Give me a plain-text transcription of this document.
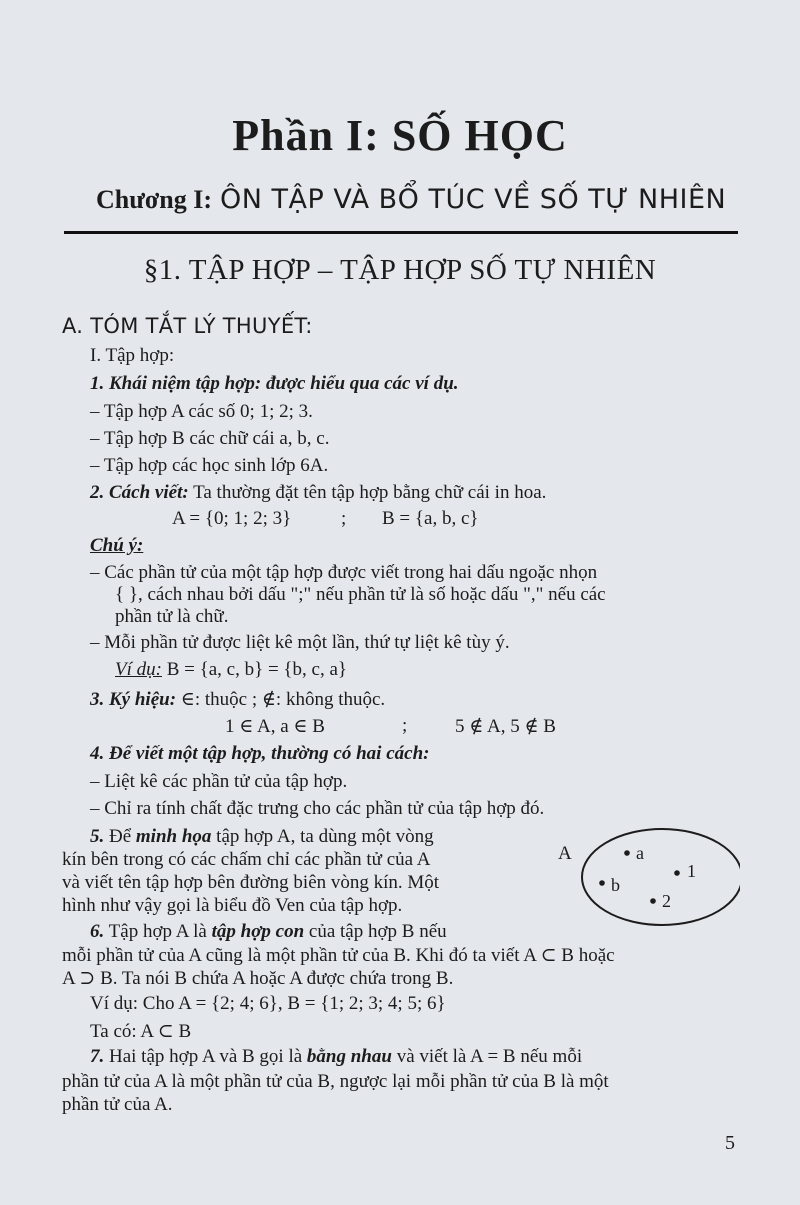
Phần I: SỐ HỌC
Chương I: ÔN TẬP VÀ BỔ TÚC VỀ SỐ TỰ NHIÊN
§1. TẬP HỢP – TẬP HỢP SỐ TỰ NHIÊN
A. TÓM TẮT LÝ THUYẾT:
I. Tập hợp:
1. Khái niệm tập hợp: được hiểu qua các ví dụ.
– Tập hợp A các số 0; 1; 2; 3.
– Tập hợp B các chữ cái a, b, c.
– Tập hợp các học sinh lớp 6A.
2. Cách viết: Ta thường đặt tên tập hợp bằng chữ cái in hoa.
A = {0; 1; 2; 3}	; B = {a, b, c}
Chú ý:
– Các phần tử của một tập hợp được viết trong hai dấu ngoặc nhọn
{ }, cách nhau bởi dấu ";" nếu phần tử là số hoặc dấu "," nếu các
phần tử là chữ.
– Mỗi phần tử được liệt kê một lần, thứ tự liệt kê tùy ý.
Ví dụ: B = {a, c, b} = {b, c, a}
3. Ký hiệu: ∈: thuộc ; ∉: không thuộc.
1 ∈ A, a ∈ B	;	5 ∉ A, 5 ∉ B
4. Để viết một tập hợp, thường có hai cách:
– Liệt kê các phần tử của tập hợp.
– Chỉ ra tính chất đặc trưng cho các phần tử của tập hợp đó.
5. Để minh họa tập hợp A, ta dùng một vòng
kín bên trong có các chấm chỉ các phần tử của A
và viết tên tập hợp bên đường biên vòng kín. Một
hình như vậy gọi là biểu đồ Ven của tập hợp.
A	a
1
b
2
6. Tập hợp A là tập hợp con của tập hợp B nếu
mỗi phần tử của A cũng là một phần tử của B. Khi đó ta viết A ⊂ B hoặc
A ⊃ B. Ta nói B chứa A hoặc A được chứa trong B.
Ví dụ: Cho A = {2; 4; 6}, B = {1; 2; 3; 4; 5; 6}
Ta có: A ⊂ B
7. Hai tập hợp A và B gọi là bằng nhau và viết là A = B nếu mỗi
phần tử của A là một phần tử của B, ngược lại mỗi phần tử của B là một
phần tử của A.
5
